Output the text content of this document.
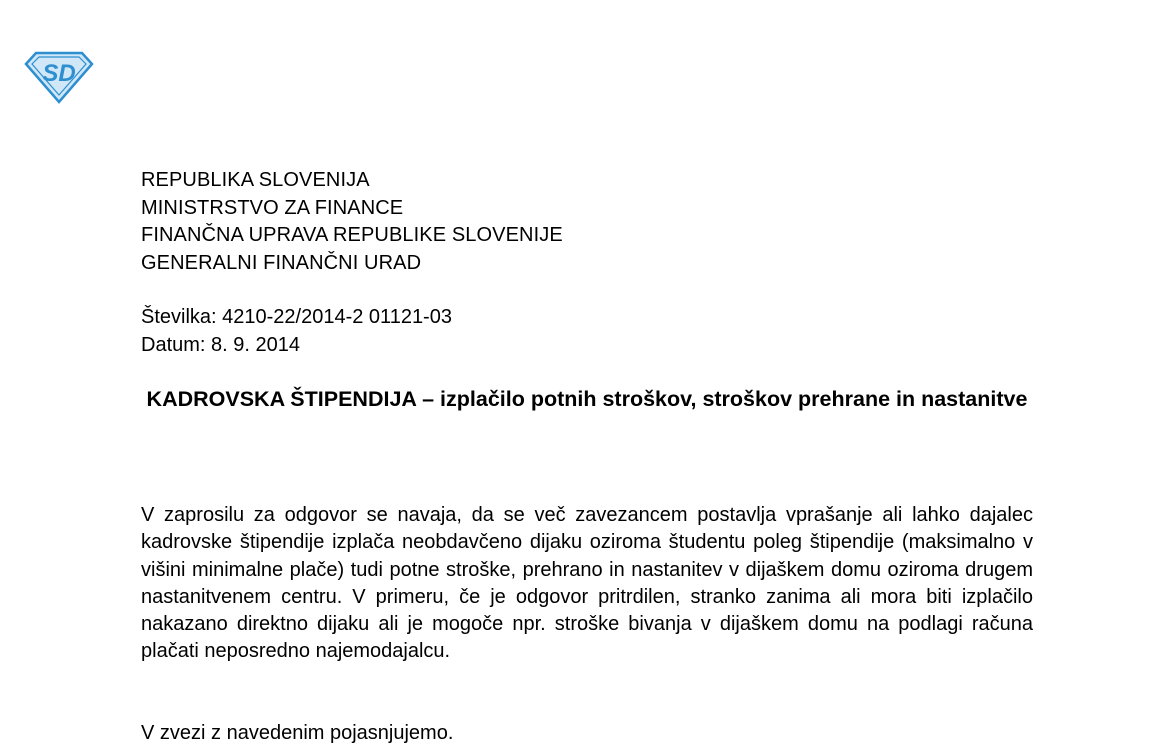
SD
REPUBLIKA SLOVENIJA
MINISTRSTVO ZA FINANCE
FINANČNA UPRAVA REPUBLIKE SLOVENIJE
GENERALNI FINANČNI URAD
Številka: 4210-22/2014-2 01121-03
Datum: 8. 9. 2014
KADROVSKA ŠTIPENDIJA – izplačilo potnih stroškov, stroškov prehrane in nastanitve
V zaprosilu za odgovor se navaja, da se več zavezancem postavlja vprašanje ali lahko dajalec kadrovske štipendije izplača neobdavčeno dijaku oziroma študentu poleg štipendije (maksimalno v višini minimalne plače) tudi potne stroške, prehrano in nastanitev v dijaškem domu oziroma drugem nastanitvenem centru. V primeru, če je odgovor pritrdilen, stranko zanima ali mora biti izplačilo nakazano direktno dijaku ali je mogoče npr. stroške bivanja v dijaškem domu na podlagi računa plačati neposredno najemodajalcu.
V zvezi z navedenim pojasnjujemo.
